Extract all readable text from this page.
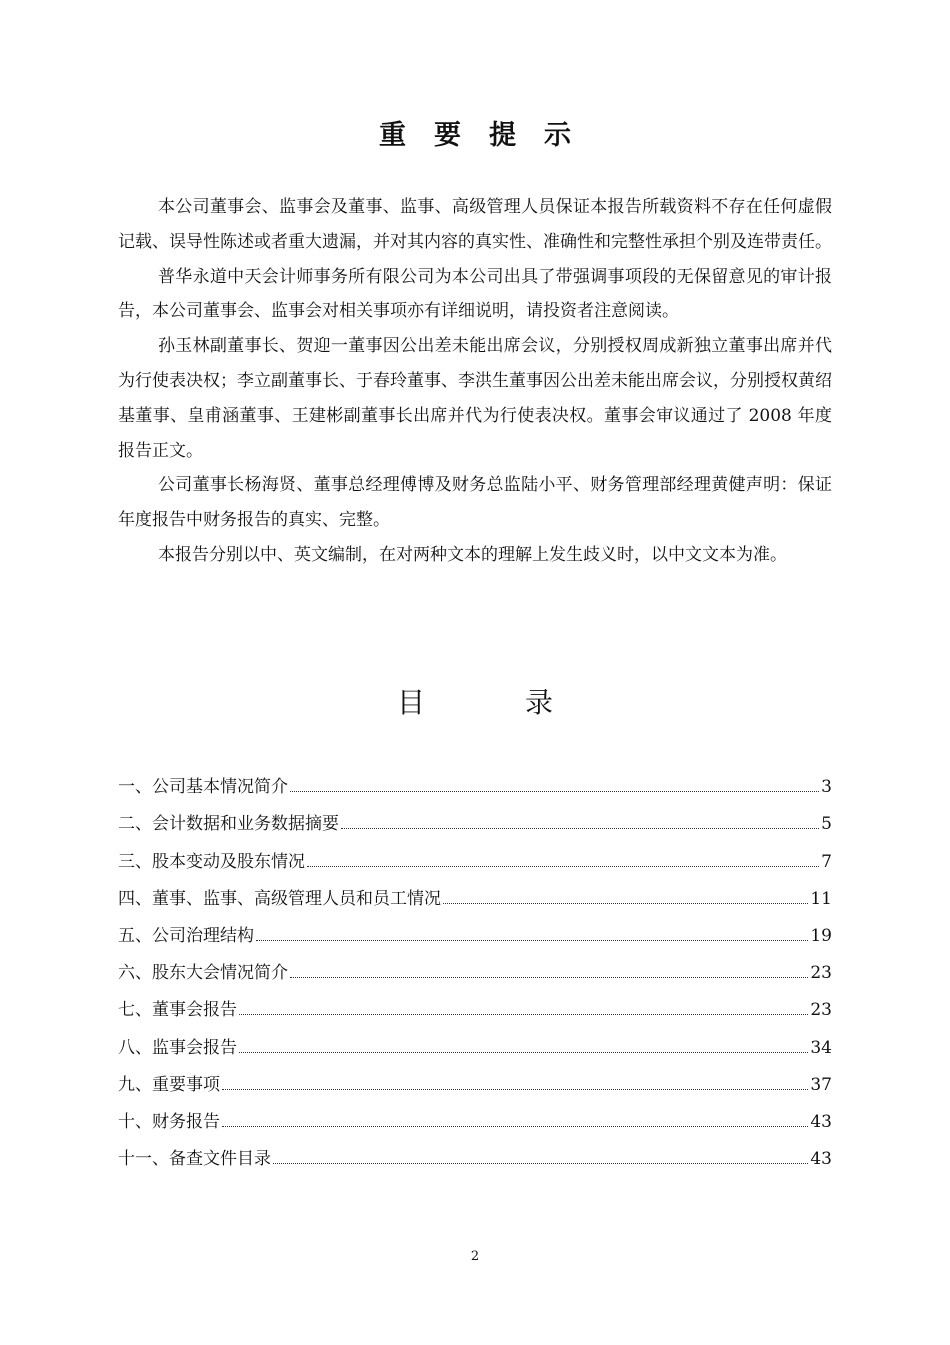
重要提示

本公司董事会、监事会及董事、监事、高级管理人员保证本报告所载资料不存在任何虚假记载、误导性陈述或者重大遗漏，并对其内容的真实性、准确性和完整性承担个别及连带责任。

普华永道中天会计师事务所有限公司为本公司出具了带强调事项段的无保留意见的审计报告，本公司董事会、监事会对相关事项亦有详细说明，请投资者注意阅读。

孙玉林副董事长、贺迎一董事因公出差未能出席会议，分别授权周成新独立董事出席并代为行使表决权；李立副董事长、于春玲董事、李洪生董事因公出差未能出席会议，分别授权黄绍基董事、皇甫涵董事、王建彬副董事长出席并代为行使表决权。董事会审议通过了 2008 年度报告正文。

公司董事长杨海贤、董事总经理傅博及财务总监陆小平、财务管理部经理黄健声明：保证年度报告中财务报告的真实、完整。

本报告分别以中、英文编制，在对两种文本的理解上发生歧义时，以中文文本为准。

目录
一、公司基本情况简介	3
二、会计数据和业务数据摘要	5
三、股本变动及股东情况	7
四、董事、监事、高级管理人员和员工情况	11
五、公司治理结构	19
六、股东大会情况简介	23
七、董事会报告	23
八、监事会报告	34
九、重要事项	37
十、财务报告	43
十一、备查文件目录	43

2
